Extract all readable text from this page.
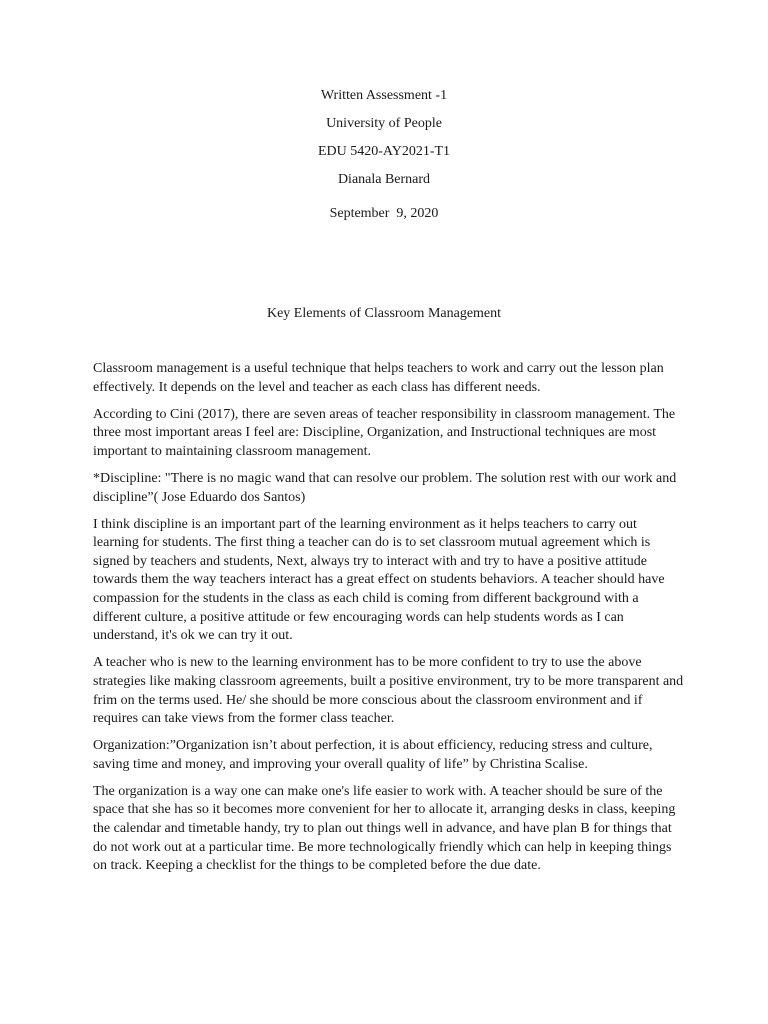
Written Assessment -1
University of People
EDU 5420-AY2021-T1
Dianala Bernard
September  9, 2020
Key Elements of Classroom Management

Classroom management is a useful technique that helps teachers to work and carry out the lesson plan effectively. It depends on the level and teacher as each class has different needs.

According to Cini (2017), there are seven areas of teacher responsibility in classroom management. The three most important areas I feel are: Discipline, Organization, and Instructional techniques are most important to maintaining classroom management.

*Discipline: "There is no magic wand that can resolve our problem. The solution rest with our work and discipline”( Jose Eduardo dos Santos)

I think discipline is an important part of the learning environment as it helps teachers to carry out learning for students. The first thing a teacher can do is to set classroom mutual agreement which is signed by teachers and students, Next, always try to interact with and try to have a positive attitude towards them the way teachers interact has a great effect on students behaviors. A teacher should have compassion for the students in the class as each child is coming from different background with a different culture, a positive attitude or few encouraging words can help students words as I can understand, it's ok we can try it out.

A teacher who is new to the learning environment has to be more confident to try to use the above strategies like making classroom agreements, built a positive environment, try to be more transparent and frim on the terms used. He/ she should be more conscious about the classroom environment and if requires can take views from the former class teacher.

Organization:”Organization isn’t about perfection, it is about efficiency, reducing stress and culture, saving time and money, and improving your overall quality of life” by Christina Scalise.

The organization is a way one can make one's life easier to work with. A teacher should be sure of the space that she has so it becomes more convenient for her to allocate it, arranging desks in class, keeping the calendar and timetable handy, try to plan out things well in advance, and have plan B for things that do not work out at a particular time. Be more technologically friendly which can help in keeping things on track. Keeping a checklist for the things to be completed before the due date.
